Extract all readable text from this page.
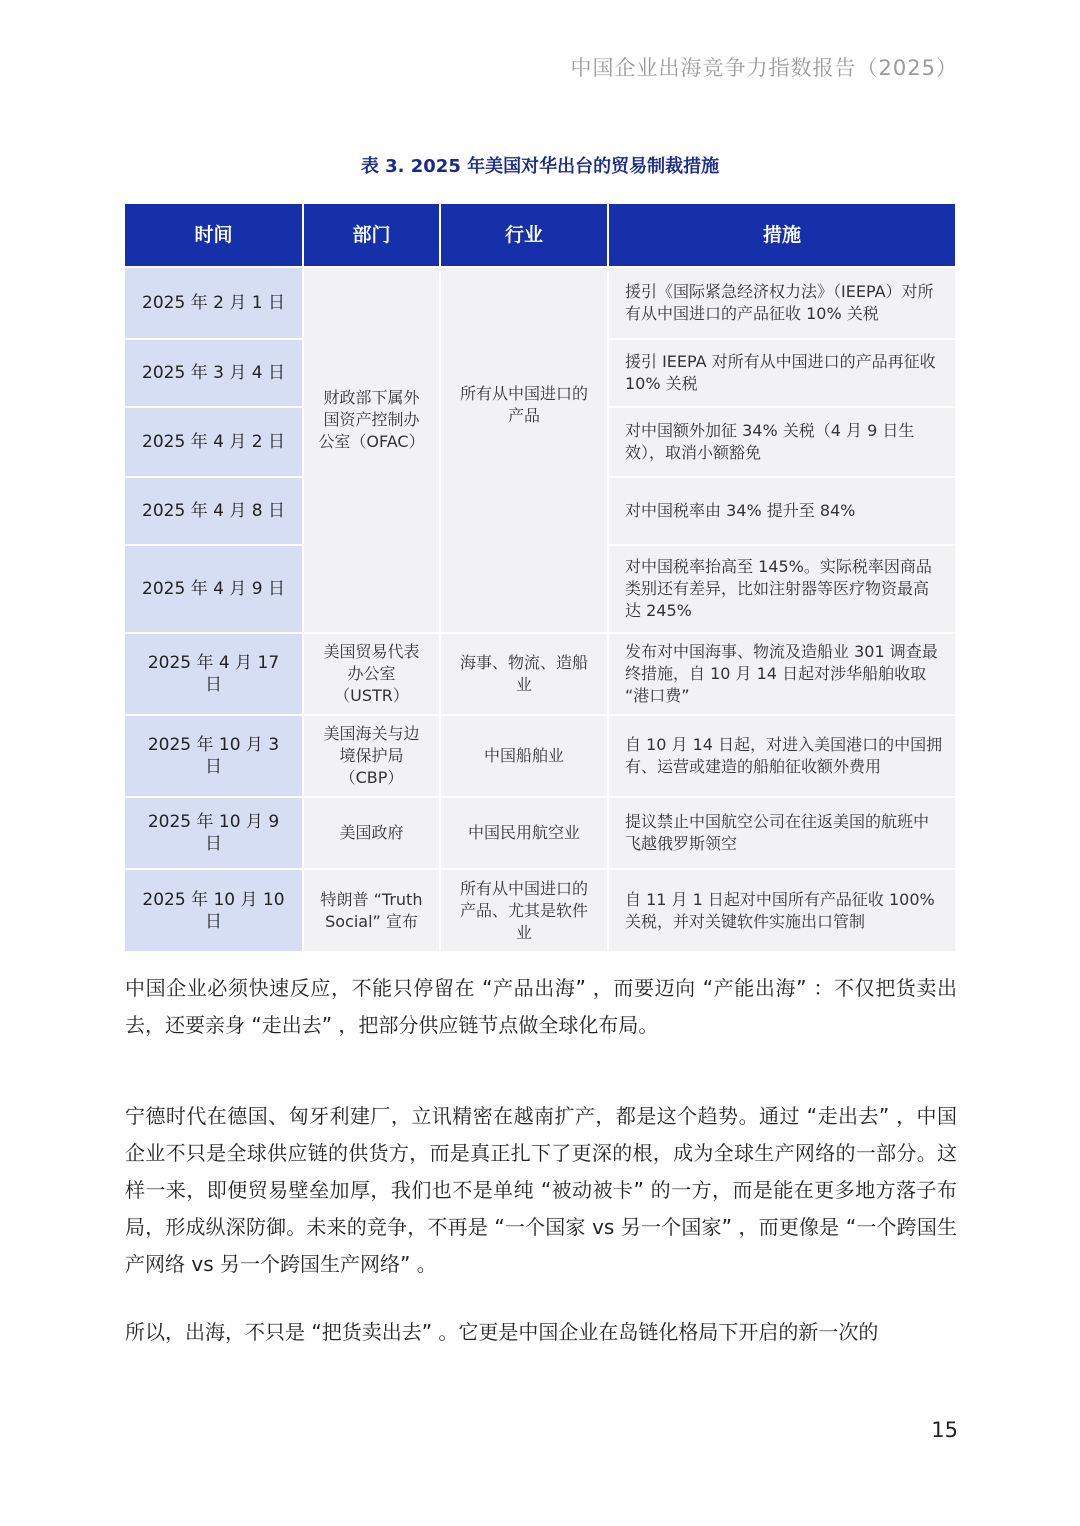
中国企业出海竞争力指数报告（2025）
表 3. 2025 年美国对华出台的贸易制裁措施
时间	部门	行业	措施
2025 年 2 月 1 日	财政部下属外国资产控制办公室（OFAC）	所有从中国进口的产品	援引《国际紧急经济权力法》（IEEPA）对所有从中国进口的产品征收 10% 关税
2025 年 3 月 4 日			援引 IEEPA 对所有从中国进口的产品再征收 10% 关税
2025 年 4 月 2 日			对中国额外加征 34% 关税（4 月 9 日生效），取消小额豁免
2025 年 4 月 8 日			对中国税率由 34% 提升至 84%
2025 年 4 月 9 日			对中国税率抬高至 145%。实际税率因商品类别还有差异，比如注射器等医疗物资最高达 245%
2025 年 4 月 17 日	美国贸易代表办公室（USTR）	海事、物流、造船业	发布对中国海事、物流及造船业 301 调查最终措施，自 10 月 14 日起对涉华船舶收取 “港口费”
2025 年 10 月 3 日	美国海关与边境保护局（CBP）	中国船舶业	自 10 月 14 日起，对进入美国港口的中国拥有、运营或建造的船舶征收额外费用
2025 年 10 月 9 日	美国政府	中国民用航空业	提议禁止中国航空公司在往返美国的航班中飞越俄罗斯领空
2025 年 10 月 10 日	特朗普 “Truth Social” 宣布	所有从中国进口的产品、尤其是软件业	自 11 月 1 日起对中国所有产品征收 100% 关税，并对关键软件实施出口管制

中国企业必须快速反应，不能只停留在 “产品出海” ，而要迈向 “产能出海” ：不仅把货卖出去，还要亲身 “走出去” ，把部分供应链节点做全球化布局。

宁德时代在德国、匈牙利建厂，立讯精密在越南扩产，都是这个趋势。通过 “走出去” ，中国企业不只是全球供应链的供货方，而是真正扎下了更深的根，成为全球生产网络的一部分。这样一来，即便贸易壁垒加厚，我们也不是单纯 “被动被卡” 的一方，而是能在更多地方落子布局，形成纵深防御。未来的竞争，不再是 “一个国家 vs 另一个国家” ，而更像是 “一个跨国生产网络 vs 另一个跨国生产网络” 。

所以，出海，不只是 “把货卖出去” 。它更是中国企业在岛链化格局下开启的新一次的

15
